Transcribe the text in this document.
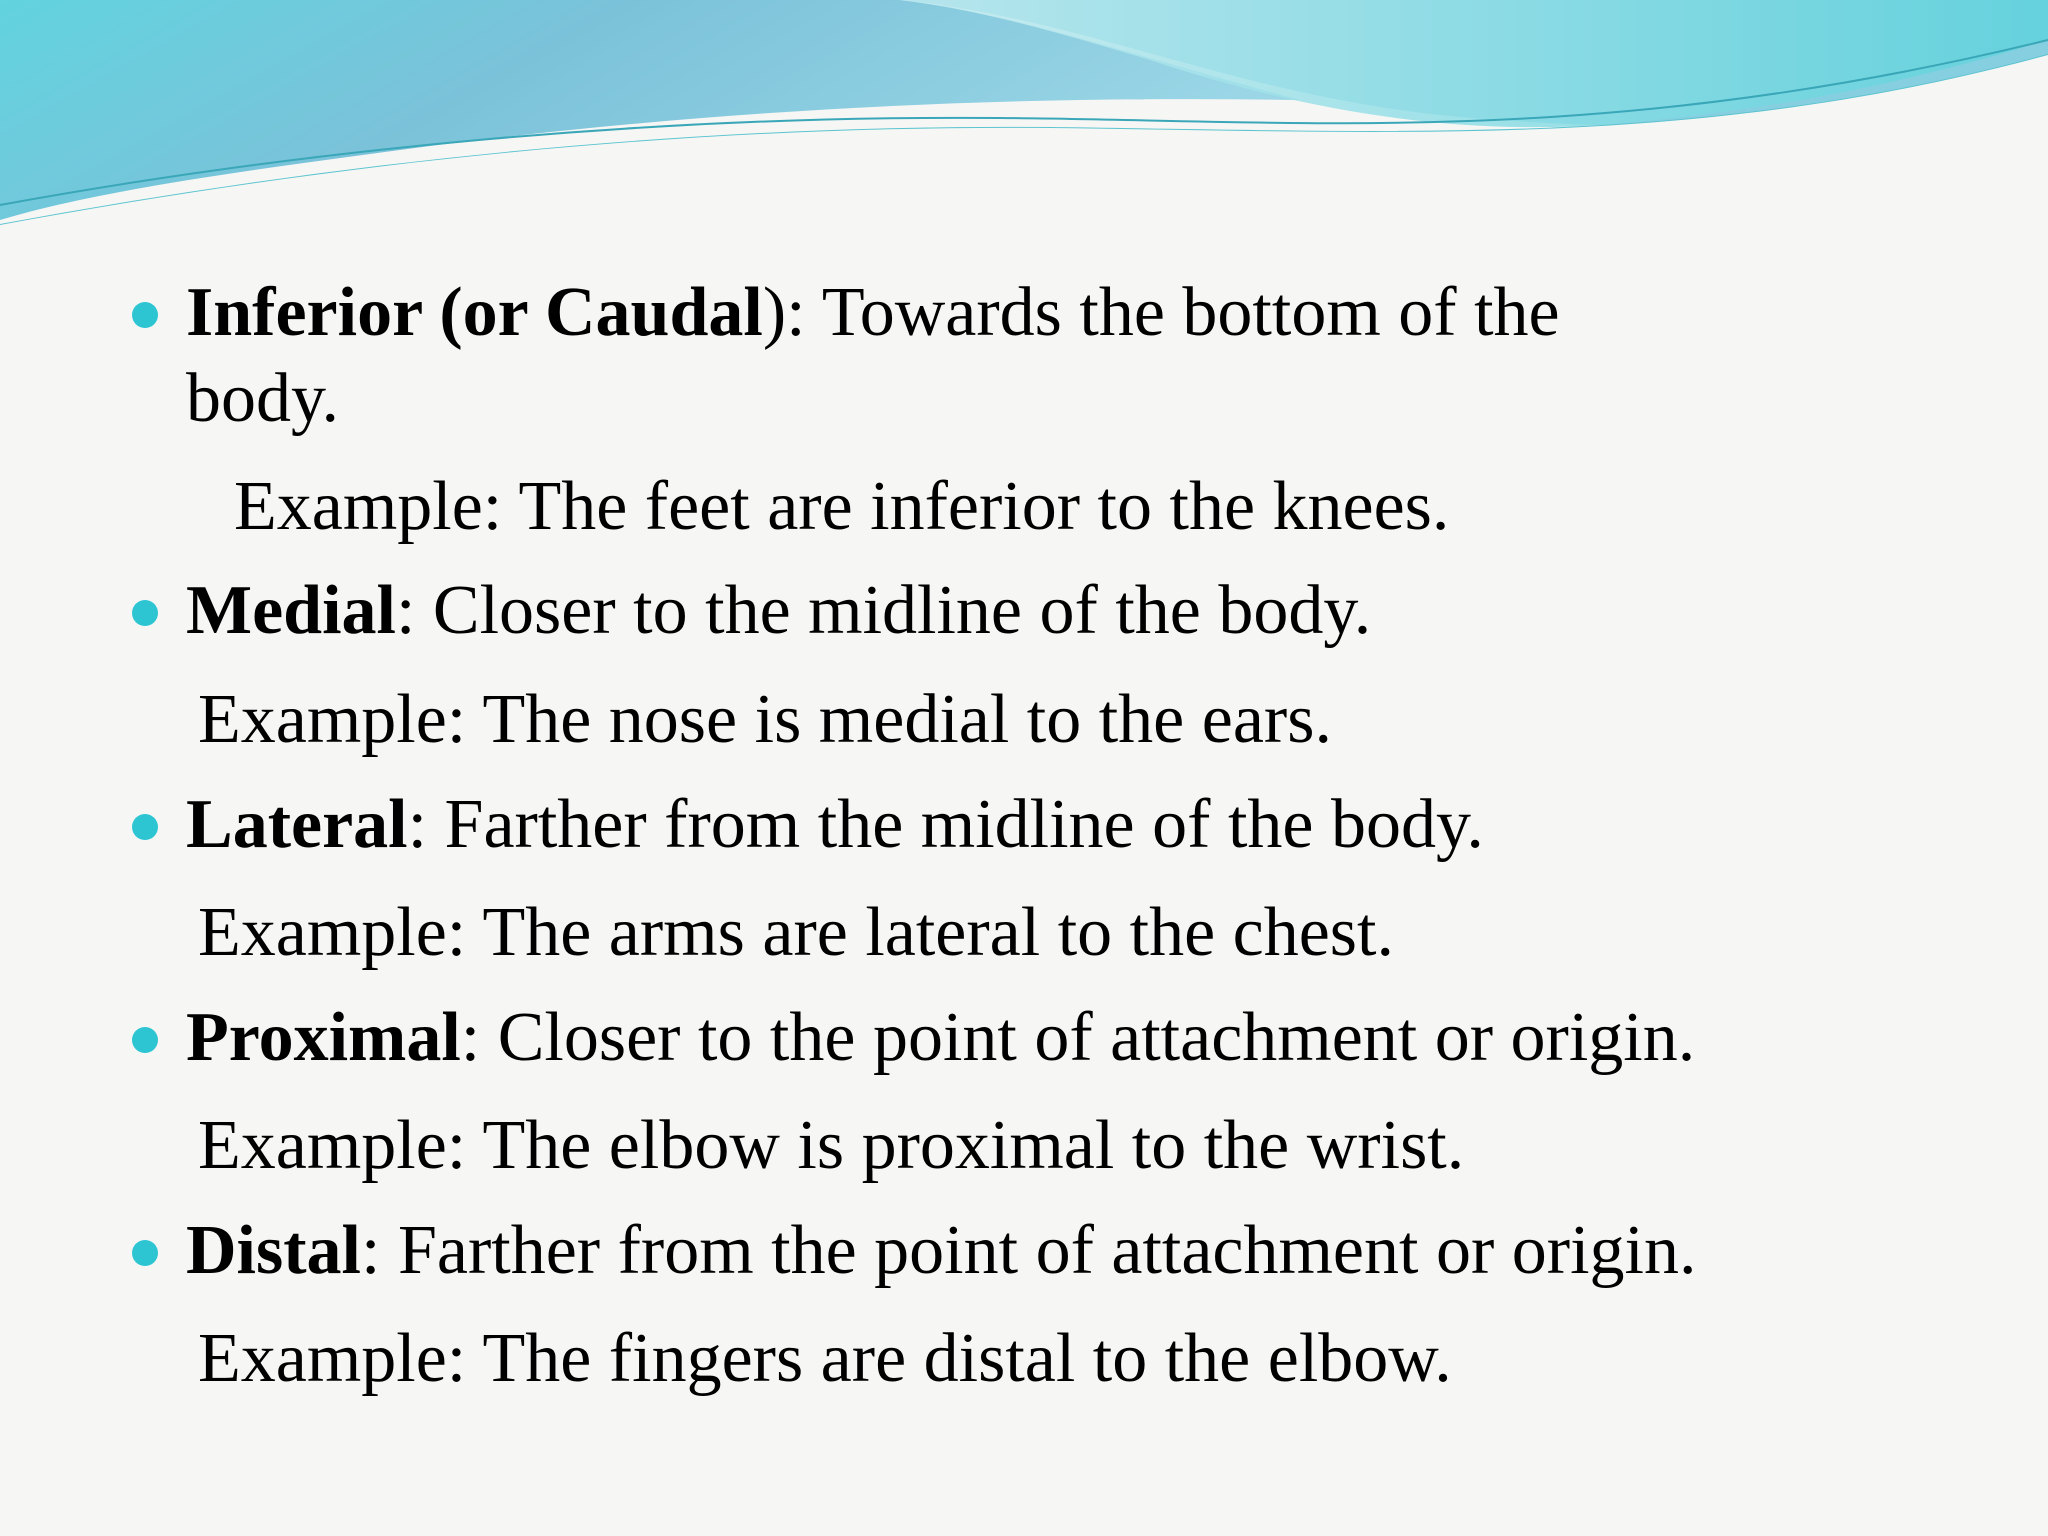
Inferior (or Caudal): Towards the bottom of the
body.
Example: The feet are inferior to the knees.
Medial: Closer to the midline of the body.
Example: The nose is medial to the ears.
Lateral: Farther from the midline of the body.
Example: The arms are lateral to the chest.
Proximal: Closer to the point of attachment or origin.
Example: The elbow is proximal to the wrist.
Distal: Farther from the point of attachment or origin.
Example: The fingers are distal to the elbow.
